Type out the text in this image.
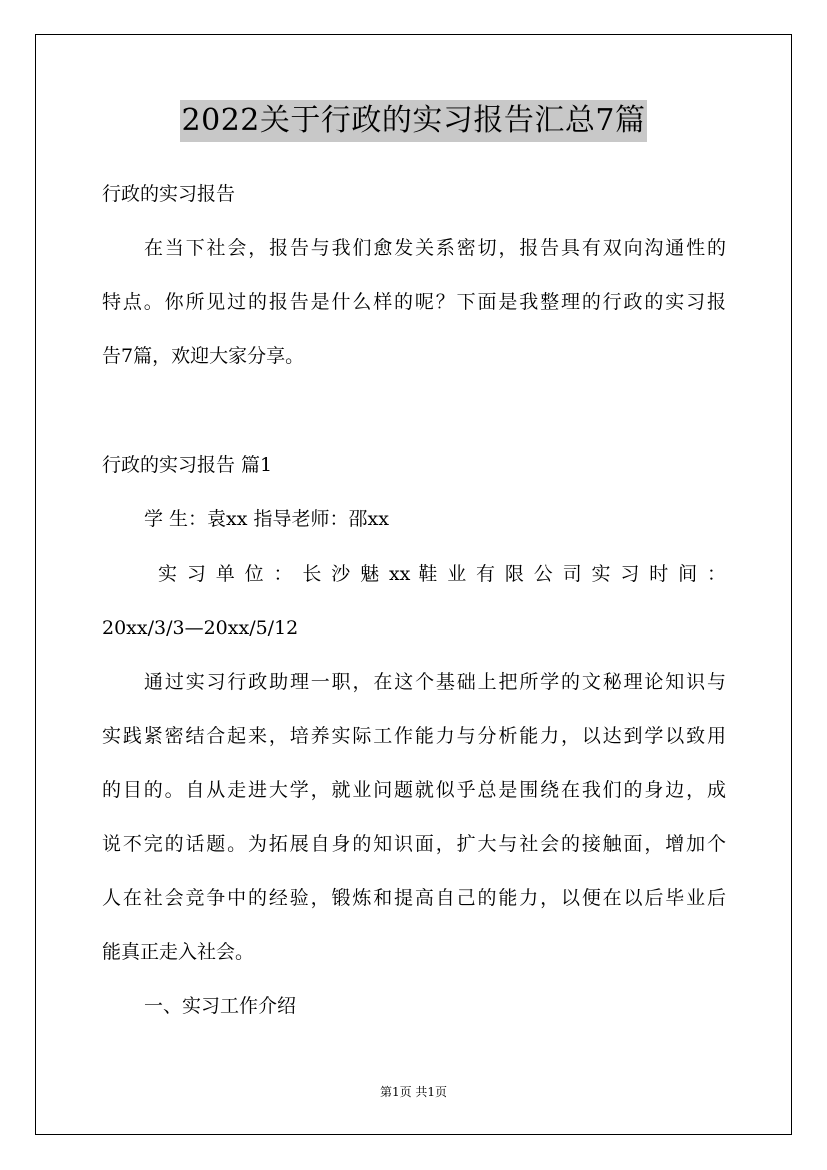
2022关于行政的实习报告汇总7篇
行政的实习报告
在当下社会，报告与我们愈发关系密切，报告具有双向沟通性的
特点。你所见过的报告是什么样的呢？下面是我整理的行政的实习报
告7篇，欢迎大家分享。
行政的实习报告 篇1
学 生：袁xx 指导老师：邵xx
实 习 单 位 ： 长 沙 魅 xx 鞋 业 有 限 公 司 实 习 时 间 ：
20xx/3/3—20xx/5/12
通过实习行政助理一职，在这个基础上把所学的文秘理论知识与
实践紧密结合起来，培养实际工作能力与分析能力，以达到学以致用
的目的。自从走进大学，就业问题就似乎总是围绕在我们的身边，成
说不完的话题。为拓展自身的知识面，扩大与社会的接触面，增加个
人在社会竞争中的经验，锻炼和提高自己的能力，以便在以后毕业后
能真正走入社会。
一、实习工作介绍
第1页 共1页
